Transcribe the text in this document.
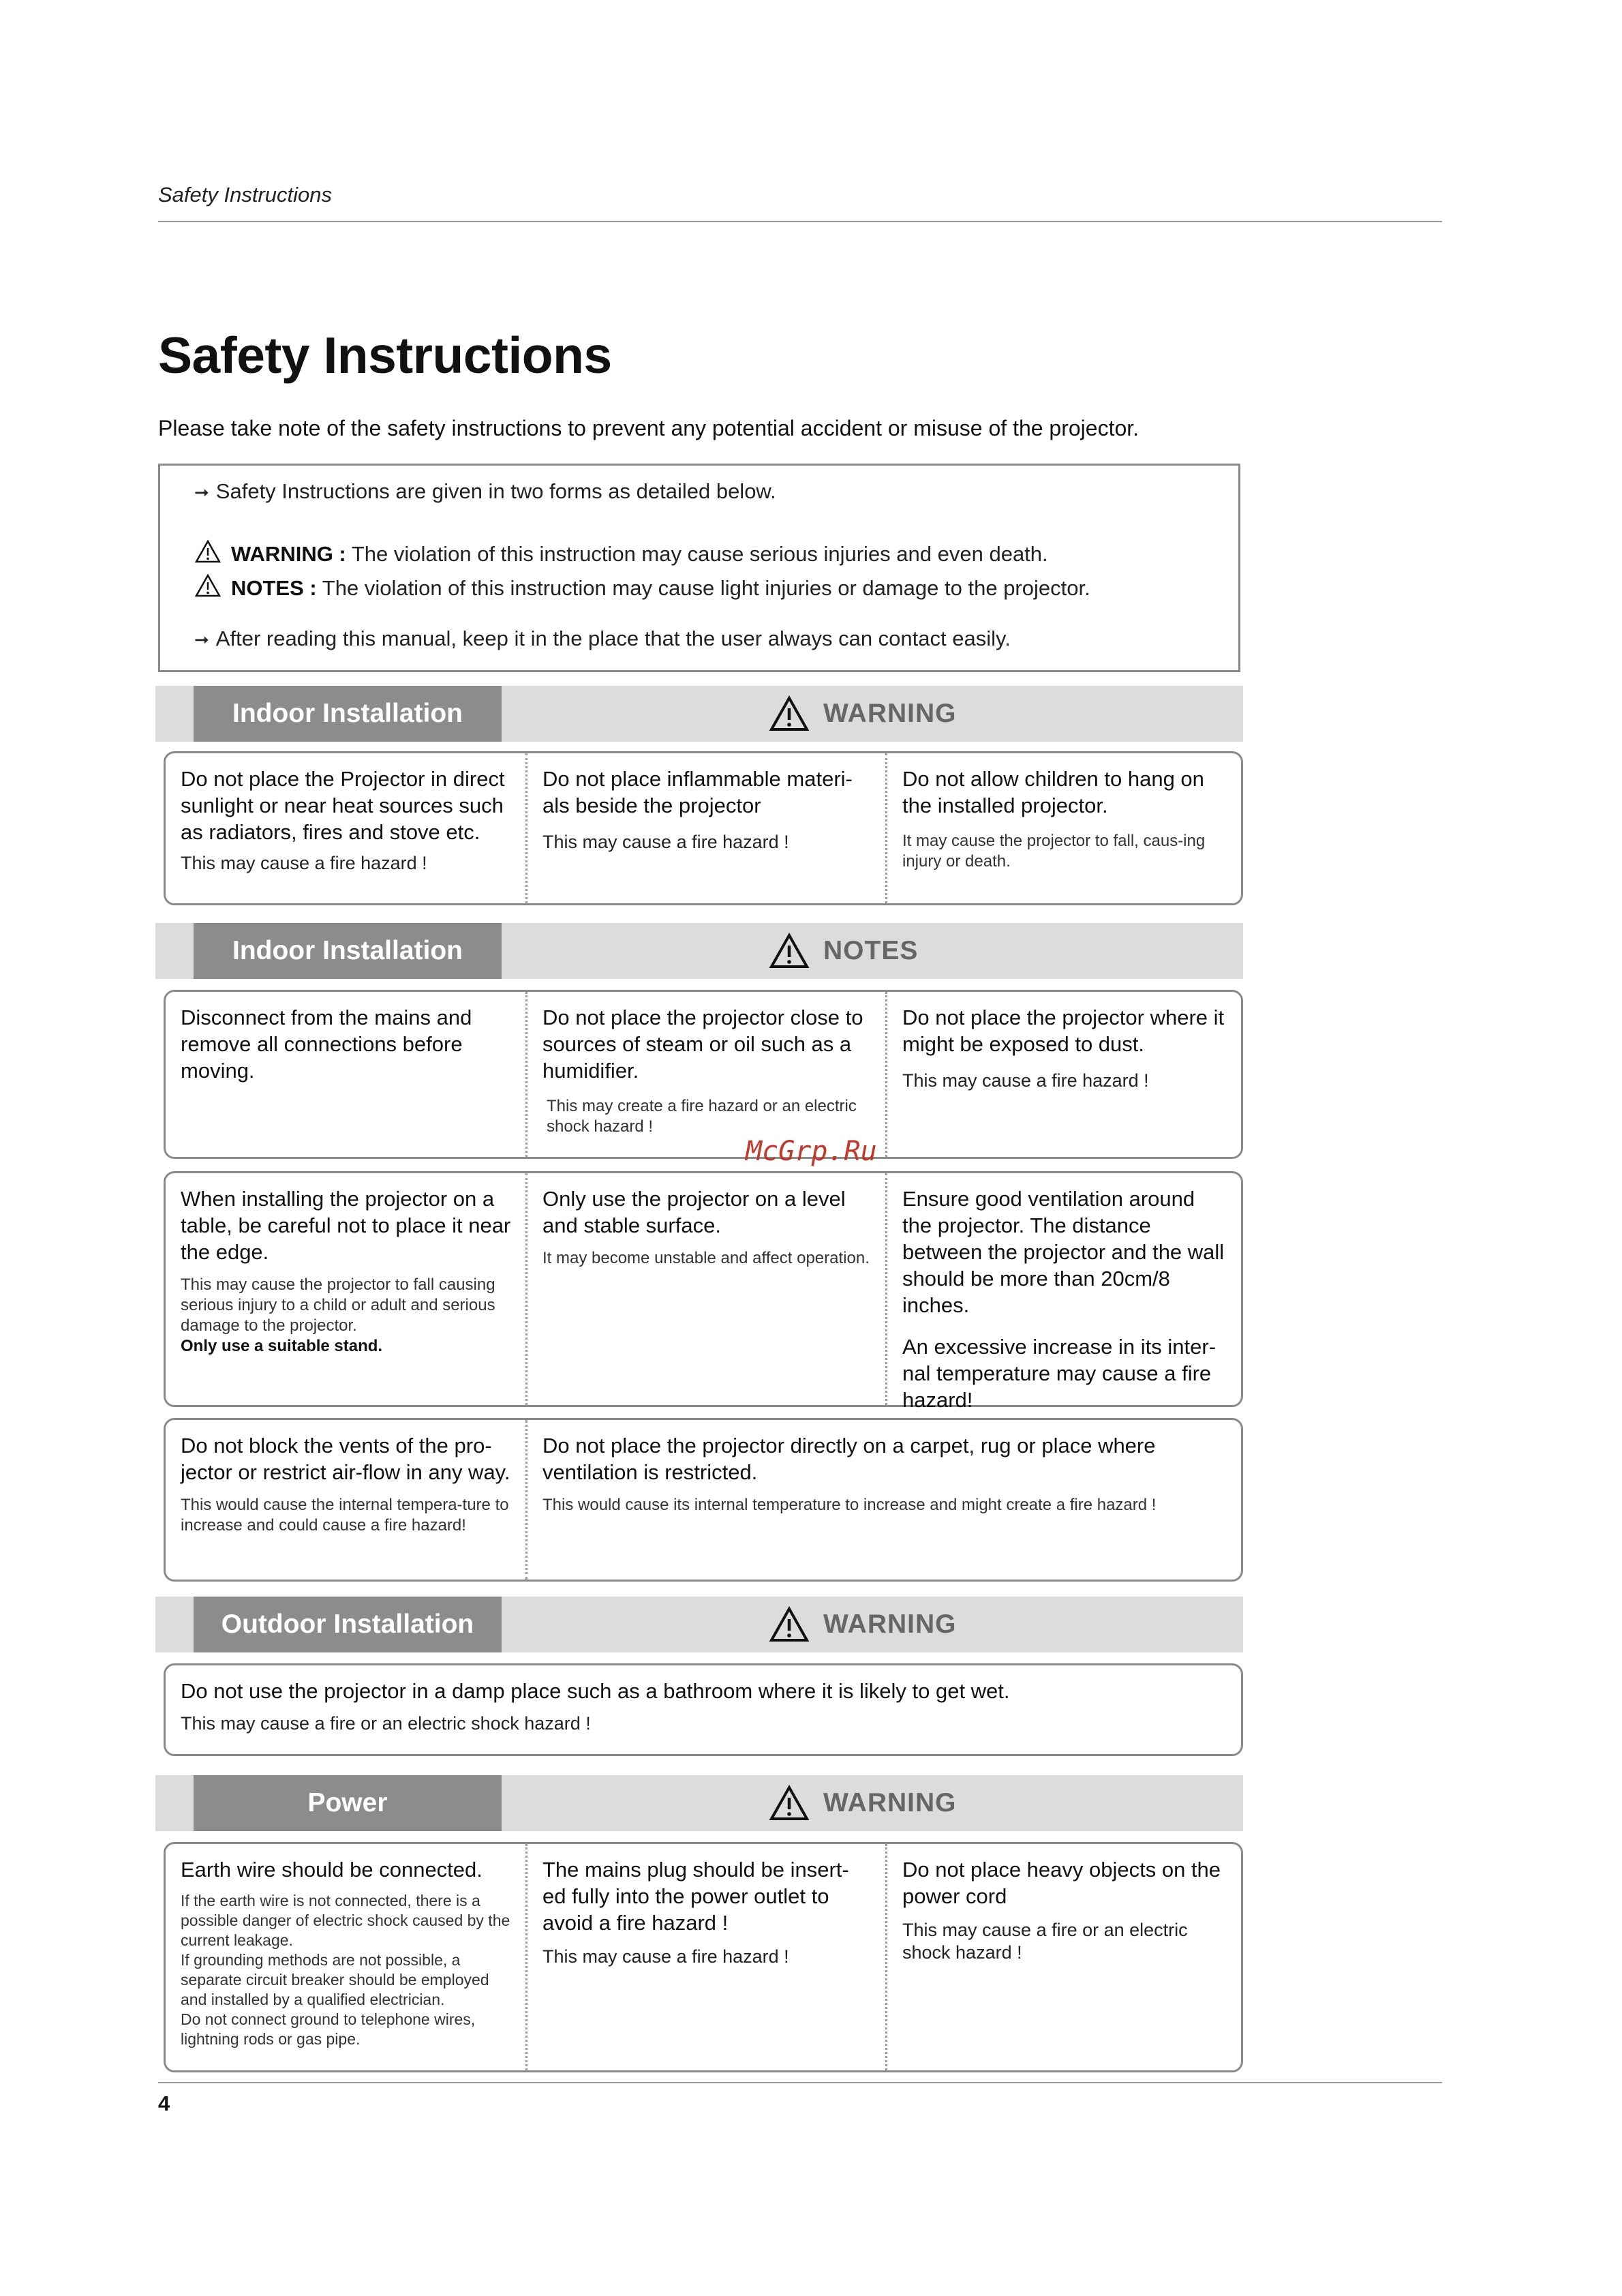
Safety Instructions
Safety Instructions
Please take note of the safety instructions to prevent any potential accident or misuse of the projector.
➞ Safety Instructions are given in two forms as detailed below.
WARNING : The violation of this instruction may cause serious injuries and even death.
NOTES : The violation of this instruction may cause light injuries or damage to the projector.
➞ After reading this manual, keep it in the place that the user always can contact easily.
Indoor Installation	WARNING
Do not place the Projector in direct sunlight or near heat sources such as radiators, fires and stove etc.
This may cause a fire hazard !
Do not place inflammable materi-als beside the projector
This may cause a fire hazard !
Do not allow children to hang on the installed projector.
It may cause the projector to fall, caus-ing injury or death.
Indoor Installation	NOTES
Disconnect from the mains and remove all connections before moving.
Do not place the projector close to sources of steam or oil such as a humidifier.
This may create a fire hazard or an electric shock hazard !
Do not place the projector where it might be exposed to dust.
This may cause a fire hazard !
When installing the projector on a table, be careful not to place it near the edge.
This may cause the projector to fall causing serious injury to a child or adult and serious damage to the projector.
Only use a suitable stand.
Only use the projector on a level and stable surface.
It may become unstable and affect operation.
Ensure good ventilation around the projector. The distance between the projector and the wall should be more than 20cm/8 inches.
An excessive increase in its inter-nal temperature may cause a fire hazard!
Do not block the vents of the pro-jector or restrict air-flow in any way.
This would cause the internal tempera-ture to increase and could cause a fire hazard!
Do not place the projector directly on a carpet, rug or place where ventilation is restricted.
This would cause its internal temperature to increase and might create a fire hazard !
Outdoor Installation	WARNING
Do not use the projector in a damp place such as a bathroom where it is likely to get wet.
This may cause a fire or an electric shock hazard !
Power	WARNING
Earth wire should be connected.
If the earth wire is not connected, there is a possible danger of electric shock caused by the current leakage.
If grounding methods are not possible, a separate circuit breaker should be employed and installed by a qualified electrician.
Do not connect ground to telephone wires, lightning rods or gas pipe.
The mains plug should be insert-ed fully into the power outlet to avoid a fire hazard !
This may cause a fire hazard !
Do not place heavy objects on the power cord
This may cause a fire or an electric shock hazard !
McGrp.Ru
4
